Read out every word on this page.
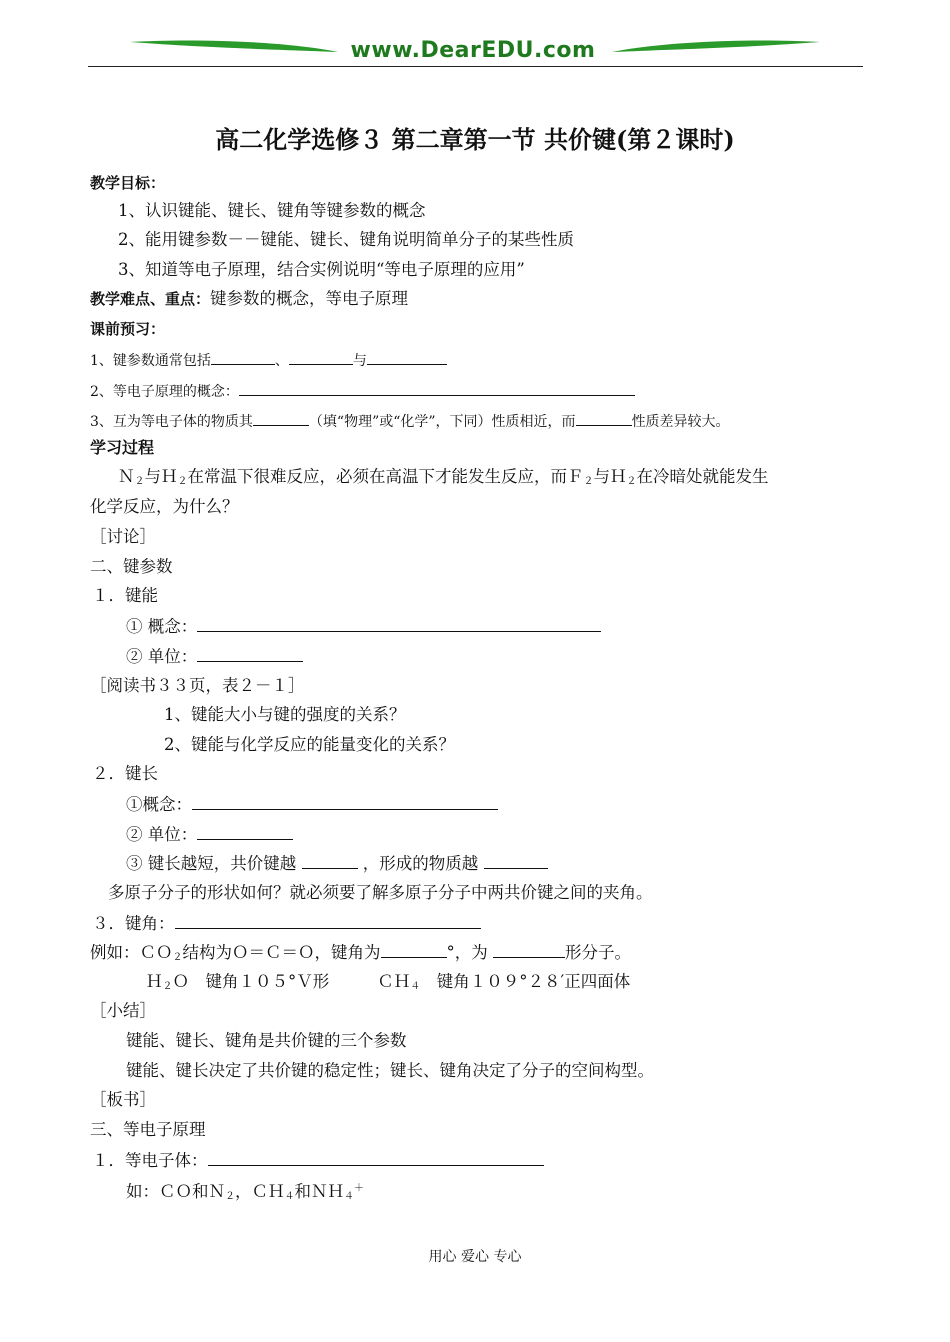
www.DearEDU.com
高二化学选修３ 第二章第一节 共价键(第２课时)
教学目标：
1、认识键能、键长、键角等键参数的概念
2、能用键参数－－键能、键长、键角说明简单分子的某些性质
3、知道等电子原理，结合实例说明“等电子原理的应用”
教学难点、重点：键参数的概念，等电子原理
课前预习：
1、键参数通常包括	、	与
2、等电子原理的概念：
3、互为等电子体的物质其	（填“物理”或“化学”，下同）性质相近，而	性质差异较大。
学习过程
Ｎ$_2$与Ｈ$_2$在常温下很难反应，必须在高温下才能发生反应，而Ｆ$_2$与Ｈ$_2$在冷暗处就能发生
化学反应，为什么？
［讨论］
二、键参数
１．键能
① 概念：
② 单位：
［阅读书３３页，表２－１］
1、键能大小与键的强度的关系？
2、键能与化学反应的能量变化的关系？
２．键长
①概念：
② 单位：
③ 键长越短，共价键越	，形成的物质越
多原子分子的形状如何？就必须要了解多原子分子中两共价键之间的夹角。
３．键角：
例如：ＣＯ$_2$结构为Ｏ＝Ｃ＝Ｏ，键角为	°，为	形分子。
Ｈ$_2$Ｏ　键角１０５°Ｖ形	ＣＨ$_4$　键角１０９°２８′正四面体
［小结］
键能、键长、键角是共价键的三个参数
键能、键长决定了共价键的稳定性；键长、键角决定了分子的空间构型。
［板书］
三、等电子原理
１．等电子体：
如：ＣＯ和Ｎ$_2$，ＣＨ$_4$和ＮＨ$_4$＋
用心 爱心 专心
